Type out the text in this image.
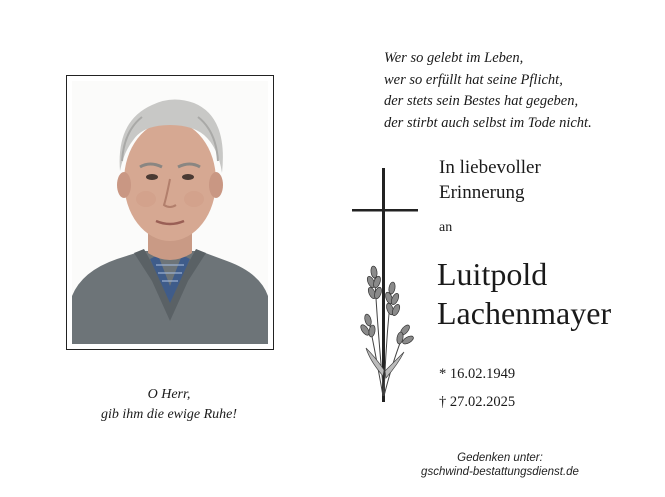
Wer so gelebt im Leben,
wer so erfüllt hat seine Pflicht,
der stets sein Bestes hat gegeben,
der stirbt auch selbst im Tode nicht.
In liebevoller
Erinnerung
an
Luitpold
Lachenmayer
* 16.02.1949
† 27.02.2025
O Herr,
gib ihm die ewige Ruhe!
Gedenken unter:
gschwind-bestattungsdienst.de
